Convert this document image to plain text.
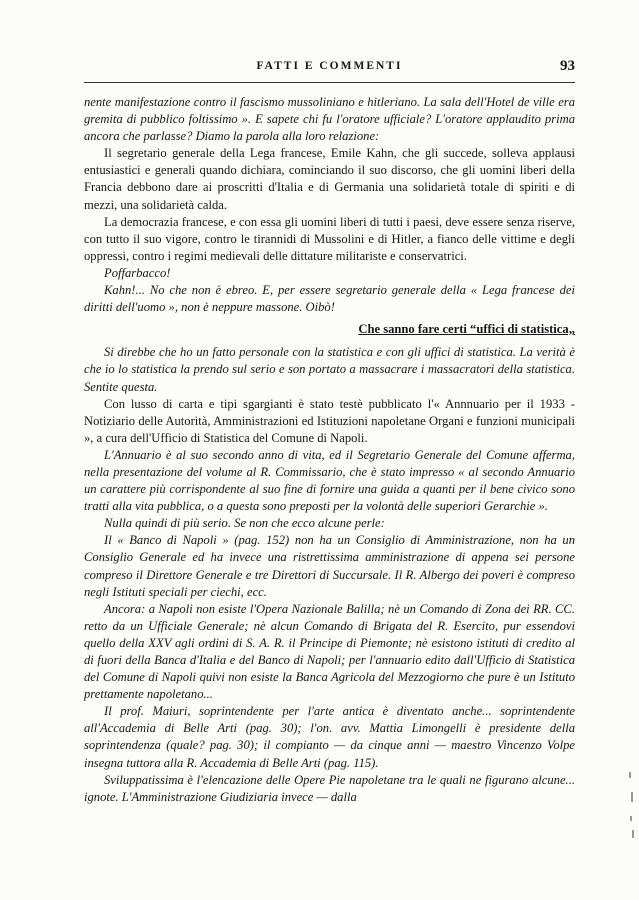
FATTI E COMMENTI	93

nente manifestazione contro il fascismo mussoliniano e hitleriano. La sala dell'Hotel de ville era gremita di pubblico foltissimo ». E sapete chi fu l'oratore ufficiale? L'oratore applaudito prima ancora che parlasse? Diamo la parola alla loro relazione:

Il segretario generale della Lega francese, Emile Kahn, che gli succede, solleva applausi entusiastici e generali quando dichiara, cominciando il suo discorso, che gli uomini liberi della Francia debbono dare ai proscritti d'Italia e di Germania una solidarietà totale di spiriti e di mezzi, una solidarietà calda.

La democrazia francese, e con essa gli uomini liberi di tutti i paesi, deve essere senza riserve, con tutto il suo vigore, contro le tirannidi di Mussolini e di Hitler, a fianco delle vittime e degli oppressi, contro i regimi medievali delle dittature militariste e conservatrici.

Poffarbacco!

Kahn!... No che non è ebreo. E, per essere segretario generale della « Lega francese dei diritti dell'uomo », non è neppure massone. Oibò!

Che sanno fare certi “uffici di statistica„

Si direbbe che ho un fatto personale con la statistica e con gli uffici di statistica. La verità è che io lo statistica la prendo sul serio e son portato a massacrare i massacratori della statistica. Sentite questa.

Con lusso di carta e tipi sgargianti è stato testè pubblicato l'« Annnuario per il 1933 - Notiziario delle Autorità, Amministrazioni ed Istituzioni napoletane Organi e funzioni municipali », a cura dell'Ufficio di Statistica del Comune di Napoli.

L'Annuario è al suo secondo anno di vita, ed il Segretario Generale del Comune afferma, nella presentazione del volume al R. Commissario, che è stato impresso « al secondo Annuario un carattere più corrispondente al suo fine di fornire una guida a quanti per il bene civico sono tratti alla vita pubblica, o a questa sono preposti per la volontà delle superiori Gerarchie ».

Nulla quindi di più serio. Se non che ecco alcune perle:

Il « Banco di Napoli » (pag. 152) non ha un Consiglio di Amministrazione, non ha un Consiglio Generale ed ha invece una ristrettissima amministrazione di appena sei persone compreso il Direttore Generale e tre Direttori di Succursale. Il R. Albergo dei poveri è compreso negli Istituti speciali per ciechi, ecc.

Ancora: a Napoli non esiste l'Opera Nazionale Balilla; nè un Comando di Zona dei RR. CC. retto da un Ufficiale Generale; nè alcun Comando di Brigata del R. Esercito, pur essendovi quello della XXV agli ordini di S. A. R. il Principe di Piemonte; nè esistono istituti di credito al di fuori della Banca d'Italia e del Banco di Napoli; per l'annuario edito dall'Ufficio di Statistica del Comune di Napoli quivi non esiste la Banca Agricola del Mezzogiorno che pure è un Istituto prettamente napoletano...

Il prof. Maiuri, soprintendente per l'arte antica è diventato anche... soprintendente all'Accademia di Belle Arti (pag. 30); l'on. avv. Mattia Limongelli è presidente della soprintendenza (quale? pag. 30); il compianto — da cinque anni — maestro Vincenzo Volpe insegna tuttora alla R. Accademia di Belle Arti (pag. 115).

Sviluppatissima è l'elencazione delle Opere Pie napoletane tra le quali ne figurano alcune... ignote. L'Amministrazione Giudiziaria invece — dalla
